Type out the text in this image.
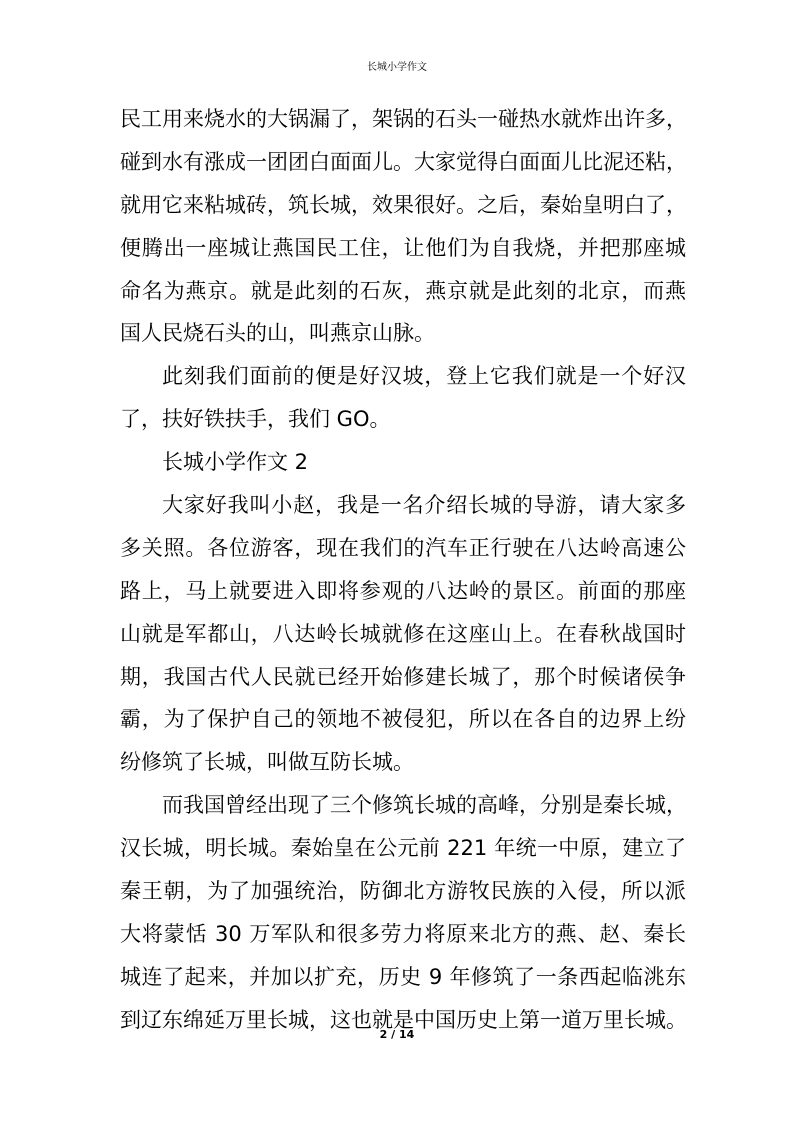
长城小学作文
民工用来烧水的大锅漏了，架锅的石头一碰热水就炸出许多，
碰到水有涨成一团团白面面儿。大家觉得白面面儿比泥还粘，
就用它来粘城砖，筑长城，效果很好。之后，秦始皇明白了，
便腾出一座城让燕国民工住，让他们为自我烧，并把那座城
命名为燕京。就是此刻的石灰，燕京就是此刻的北京，而燕
国人民烧石头的山，叫燕京山脉。
此刻我们面前的便是好汉坡，登上它我们就是一个好汉
了，扶好铁扶手，我们 GO。
长城小学作文 2
大家好我叫小赵，我是一名介绍长城的导游，请大家多
多关照。各位游客，现在我们的汽车正行驶在八达岭高速公
路上，马上就要进入即将参观的八达岭的景区。前面的那座
山就是军都山，八达岭长城就修在这座山上。在春秋战国时
期，我国古代人民就已经开始修建长城了，那个时候诸侯争
霸，为了保护自己的领地不被侵犯，所以在各自的边界上纷
纷修筑了长城，叫做互防长城。
而我国曾经出现了三个修筑长城的高峰，分别是秦长城，
汉长城，明长城。秦始皇在公元前 221 年统一中原，建立了
秦王朝，为了加强统治，防御北方游牧民族的入侵，所以派
大将蒙恬 30 万军队和很多劳力将原来北方的燕、赵、秦长
城连了起来，并加以扩充，历史 9 年修筑了一条西起临洮东
到辽东绵延万里长城，这也就是中国历史上第一道万里长城。
2 / 14
